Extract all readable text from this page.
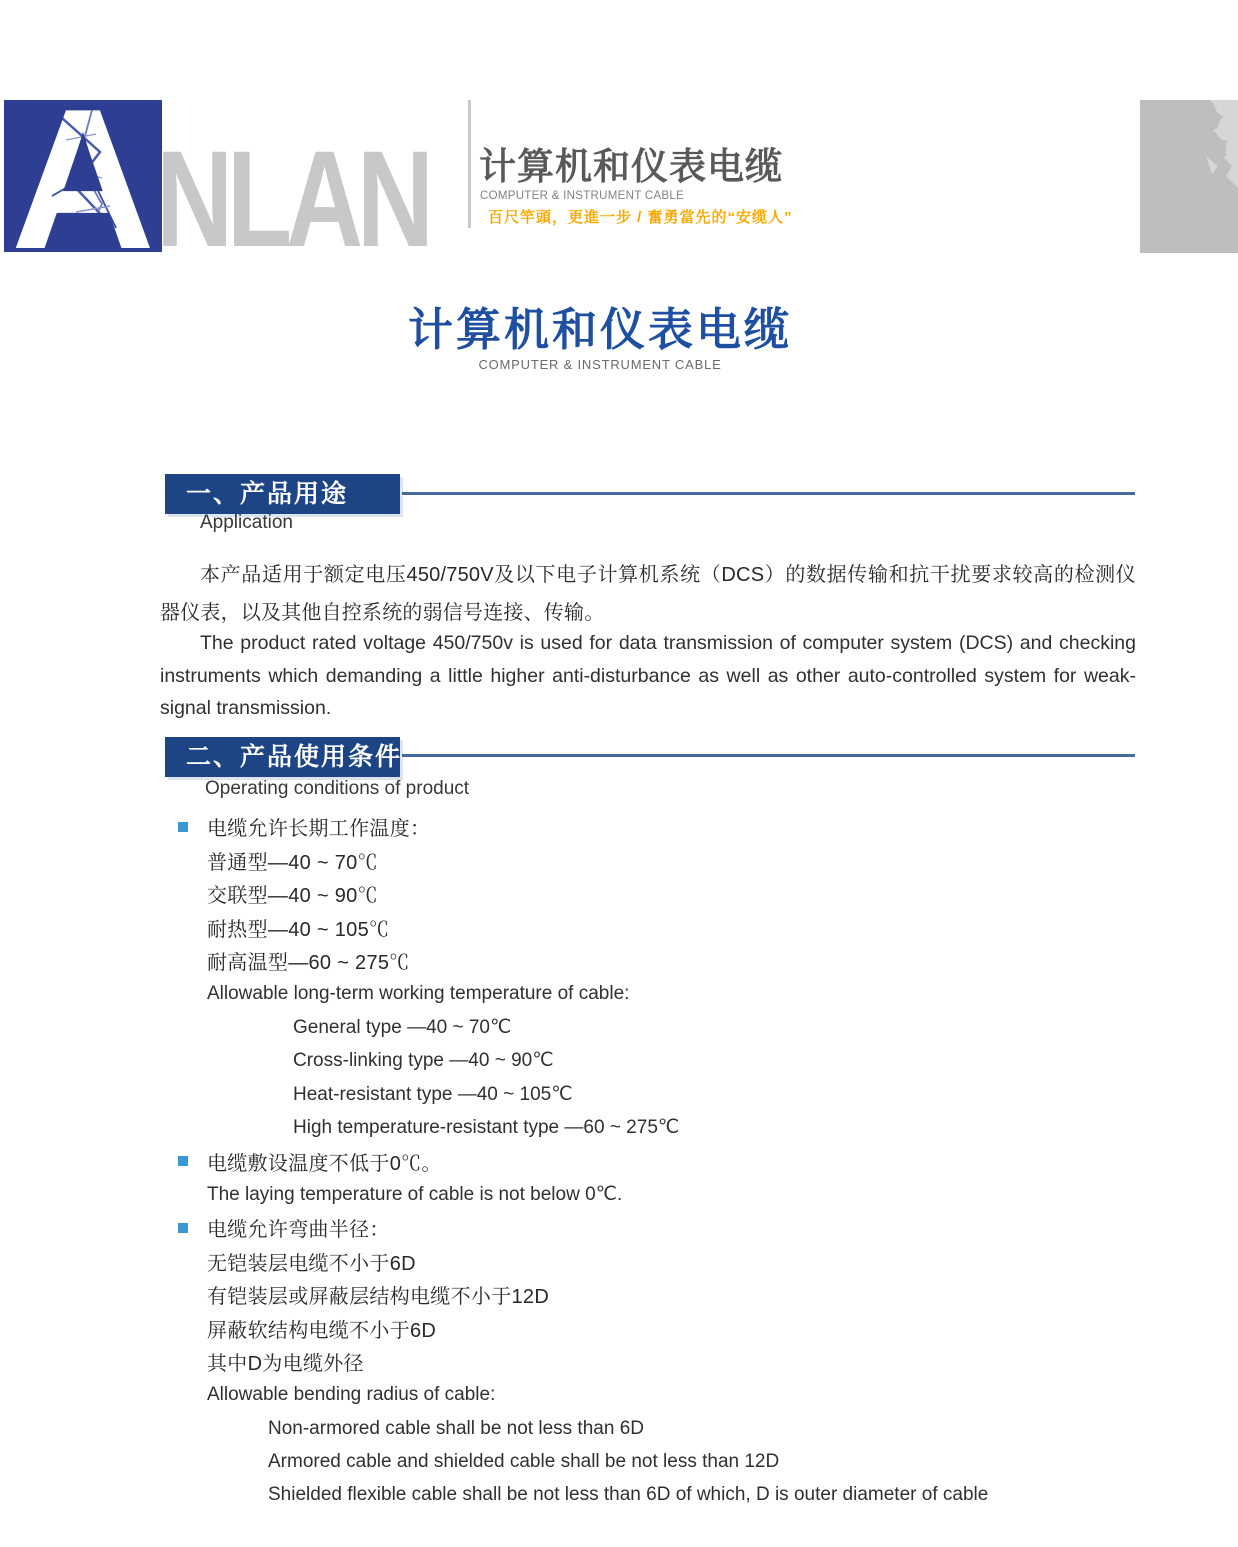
NLAN 计算机和仪表电缆
COMPUTER & INSTRUMENT CABLE
百尺竿頭，更進一步 / 奮勇當先的“安缆人”
计算机和仪表电缆
COMPUTER & INSTRUMENT CABLE
一、产品用途
Application

本产品适用于额定电压450/750V及以下电子计算机系统（DCS）的数据传输和抗干扰要求较高的检测仪器仪表，以及其他自控系统的弱信号连接、传输。

The product rated voltage 450/750v is used for data transmission of computer system (DCS) and checking instruments which demanding a little higher anti-disturbance as well as other auto-controlled system for weak-signal transmission.

二、产品使用条件
Operating conditions of product
电缆允许长期工作温度：
普通型—40 ~ 70℃
交联型—40 ~ 90℃
耐热型—40 ~ 105℃
耐高温型—60 ~ 275℃
Allowable long-term working temperature of cable:
General type —40 ~ 70℃
Cross-linking type —40 ~ 90℃
Heat-resistant type —40 ~ 105℃
High temperature-resistant type —60 ~ 275℃
电缆敷设温度不低于0℃。
The laying temperature of cable is not below 0℃.
电缆允许弯曲半径：
无铠装层电缆不小于6D
有铠装层或屏蔽层结构电缆不小于12D
屏蔽软结构电缆不小于6D
其中D为电缆外径
Allowable bending radius of cable:
Non-armored cable shall be not less than 6D
Armored cable and shielded cable shall be not less than 12D
Shielded flexible cable shall be not less than 6D of which, D is outer diameter of cable
